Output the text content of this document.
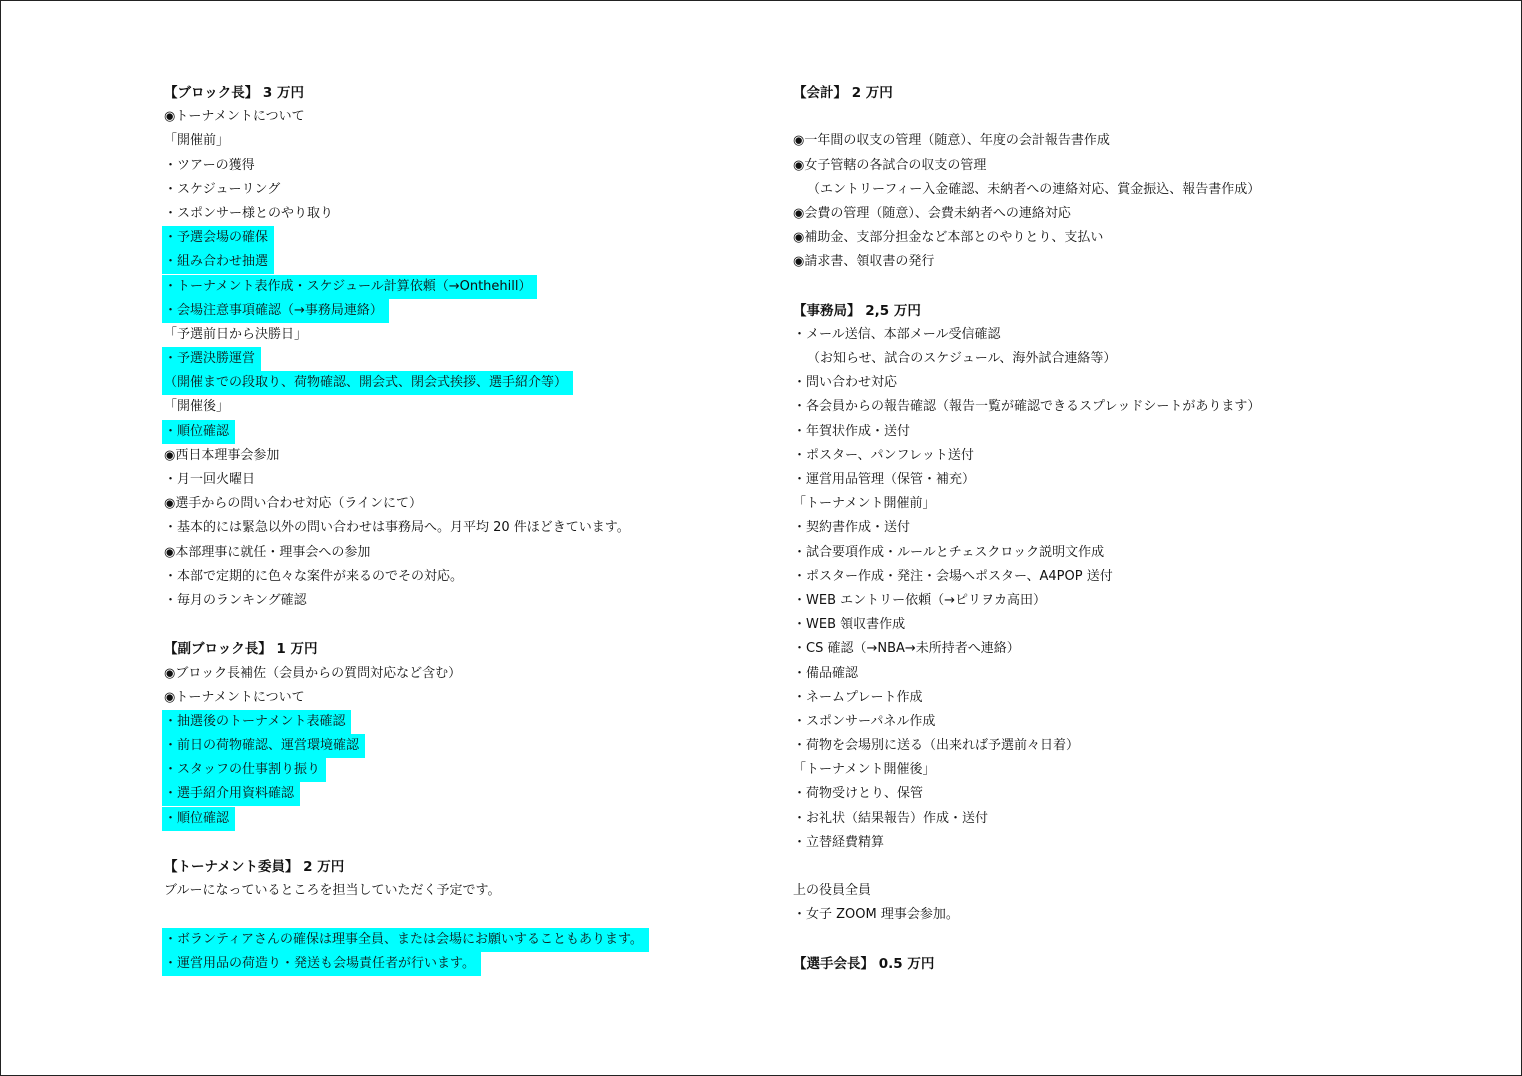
【ブロック長】 3 万円
◉トーナメントについて
「開催前」
・ツアーの獲得
・スケジューリング
・スポンサー様とのやり取り
・予選会場の確保
・組み合わせ抽選
・トーナメント表作成・スケジュール計算依頼（→Onthehill）
・会場注意事項確認（→事務局連絡）
「予選前日から決勝日」
・予選決勝運営
（開催までの段取り、荷物確認、開会式、閉会式挨拶、選手紹介等）
「開催後」
・順位確認
◉西日本理事会参加
・月一回火曜日
◉選手からの問い合わせ対応（ラインにて）
・基本的には緊急以外の問い合わせは事務局へ。月平均 20 件ほどきています。
◉本部理事に就任・理事会への参加
・本部で定期的に色々な案件が来るのでその対応。
・毎月のランキング確認
【副ブロック長】 1 万円
◉ブロック長補佐（会員からの質問対応など含む）
◉トーナメントについて
・抽選後のトーナメント表確認
・前日の荷物確認、運営環境確認
・スタッフの仕事割り振り
・選手紹介用資料確認
・順位確認
【トーナメント委員】 2 万円
ブルーになっているところを担当していただく予定です。
・ボランティアさんの確保は理事全員、または会場にお願いすることもあります。
・運営用品の荷造り・発送も会場責任者が行います。
【会計】 2 万円
◉一年間の収支の管理（随意）、年度の会計報告書作成
◉女子管轄の各試合の収支の管理
（エントリーフィー入金確認、未納者への連絡対応、賞金振込、報告書作成）
◉会費の管理（随意）、会費未納者への連絡対応
◉補助金、支部分担金など本部とのやりとり、支払い
◉請求書、領収書の発行
【事務局】 2,5 万円
・メール送信、本部メール受信確認
（お知らせ、試合のスケジュール、海外試合連絡等）
・問い合わせ対応
・各会員からの報告確認（報告一覧が確認できるスプレッドシートがあります）
・年賀状作成・送付
・ポスター、パンフレット送付
・運営用品管理（保管・補充）
「トーナメント開催前」
・契約書作成・送付
・試合要項作成・ルールとチェスクロック説明文作成
・ポスター作成・発注・会場へポスター、A4POP 送付
・WEB エントリー依頼（→ピリヲカ高田）
・WEB 領収書作成
・CS 確認（→NBA→未所持者へ連絡）
・備品確認
・ネームプレート作成
・スポンサーパネル作成
・荷物を会場別に送る（出来れば予選前々日着）
「トーナメント開催後」
・荷物受けとり、保管
・お礼状（結果報告）作成・送付
・立替経費精算
上の役員全員
・女子 ZOOM 理事会参加。
【選手会長】 0.5 万円
